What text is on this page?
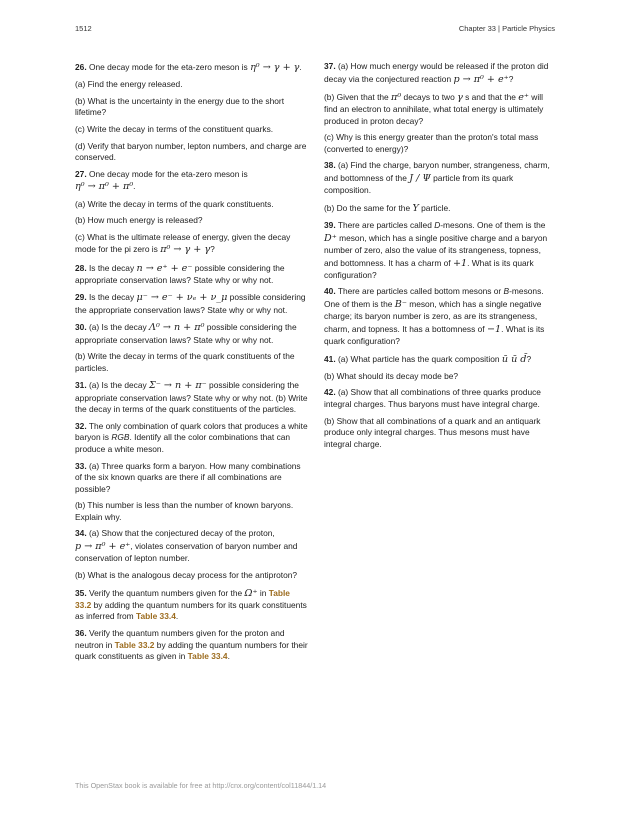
1512	Chapter 33 | Particle Physics

26. One decay mode for the eta-zero meson is η⁰ → γ + γ.

(a) Find the energy released.

(b) What is the uncertainty in the energy due to the short lifetime?

(c) Write the decay in terms of the constituent quarks.

(d) Verify that baryon number, lepton numbers, and charge are conserved.

27. One decay mode for the eta-zero meson is η⁰ → π⁰ + π⁰.

(a) Write the decay in terms of the quark constituents.

(b) How much energy is released?

(c) What is the ultimate release of energy, given the decay mode for the pi zero is π⁰ → γ + γ?

28. Is the decay n → e⁺ + e⁻ possible considering the appropriate conservation laws? State why or why not.

29. Is the decay μ⁻ → e⁻ + νₑ + ν_μ possible considering the appropriate conservation laws? State why or why not.

30. (a) Is the decay Λ⁰ → n + π⁰ possible considering the appropriate conservation laws? State why or why not.

(b) Write the decay in terms of the quark constituents of the particles.

31. (a) Is the decay Σ⁻ → n + π⁻ possible considering the appropriate conservation laws? State why or why not. (b) Write the decay in terms of the quark constituents of the particles.

32. The only combination of quark colors that produces a white baryon is RGB. Identify all the color combinations that can produce a white meson.

33. (a) Three quarks form a baryon. How many combinations of the six known quarks are there if all combinations are possible?

(b) This number is less than the number of known baryons. Explain why.

34. (a) Show that the conjectured decay of the proton, p → π⁰ + e⁺, violates conservation of baryon number and conservation of lepton number.

(b) What is the analogous decay process for the antiproton?

35. Verify the quantum numbers given for the Ω⁺ in Table 33.2 by adding the quantum numbers for its quark constituents as inferred from Table 33.4.

36. Verify the quantum numbers given for the proton and neutron in Table 33.2 by adding the quantum numbers for their quark constituents as given in Table 33.4.

37. (a) How much energy would be released if the proton did decay via the conjectured reaction p → π⁰ + e⁺?

(b) Given that the π⁰ decays to two γ s and that the e⁺ will find an electron to annihilate, what total energy is ultimately produced in proton decay?

(c) Why is this energy greater than the proton's total mass (converted to energy)?

38. (a) Find the charge, baryon number, strangeness, charm, and bottomness of the J / Ψ particle from its quark composition.

(b) Do the same for the Υ particle.

39. There are particles called D-mesons. One of them is the D⁺ meson, which has a single positive charge and a baryon number of zero, also the value of its strangeness, topness, and bottomness. It has a charm of +1. What is its quark configuration?

40. There are particles called bottom mesons or B-mesons. One of them is the B⁻ meson, which has a single negative charge; its baryon number is zero, as are its strangeness, charm, and topness. It has a bottomness of −1. What is its quark configuration?

41. (a) What particle has the quark composition ū ū d̄?

(b) What should its decay mode be?

42. (a) Show that all combinations of three quarks produce integral charges. Thus baryons must have integral charge.

(b) Show that all combinations of a quark and an antiquark produce only integral charges. Thus mesons must have integral charge.

This OpenStax book is available for free at http://cnx.org/content/col11844/1.14
